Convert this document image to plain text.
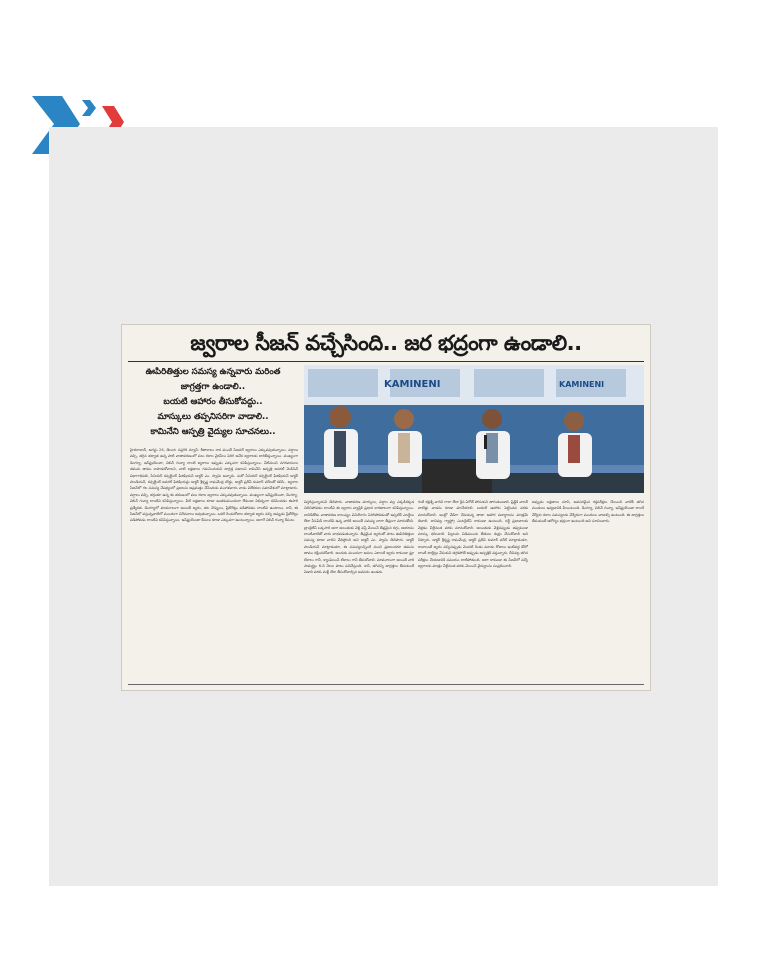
జ్వరాల సీజన్ వచ్చేసింది.. జర భద్రంగా ఉండాలి..
ఊపిరితిత్తుల సమస్య ఉన్నవారు మరింత
జాగ్రత్తగా ఉండాలి..
బయటి ఆహారం తీసుకోవద్దు..
మాస్కులు తప్పనిసరిగా వాడాలి..
కామినేని ఆస్పత్రి వైద్యుల సూచనలు..
KAMINENI	KAMINENI
హైదరాబాద్, ఆగస్టు 26, తెలుగు సప్తగిరి న్యూస్: శీతాకాలం రాక ముందే సీజనల్ జ్వరాలు ఎక్కువవుతున్నాయి. వర్షాలు వచ్చి, తగ్గిన తర్వాత ఉన్న పాటి వాతావరణంలో పలు రకాల వైరస్‌లు పెరిగి అనేక జ్వరాలకు దారితీస్తున్నాయి. ముఖ్యంగా డెంగ్యూ, ఇన్‌ఫ్లుయెంజా, విబిన్ గున్యా లాంటి జ్వరాలు ఇప్పుడు ఎక్కువగా కనిపిస్తున్నాయి. వీటినుంచి నగరవాసులు తమను తాము కాపాడుకోవాలని, వాటి లక్షణాలు గమనించుకుని జాగ్రత్త పడాలని కామినేని ఆస్పత్రి జనరల్ మెడిసిన్ విభాగాధిపతి, సీనియర్ కన్సల్టెంట్ ఫిజిషియన్ డాక్టర్ ఎం. స్వామి అన్నారు. మరో సీనియర్ కన్సల్టెంట్ ఫిజిషియన్ డాక్టర్ పాండియన్, కన్సల్టెంట్ జనరల్ ఫిజిషియన్లు డాక్టర్ శ్రీకృష్ణ రాఘవేంద్ర బొడ్డు, డాక్టర్ ప్రదీప్ కుమార్ వరేలతో కలిసి.. జ్వరాల సీజన్‌లో గల సమస్య నేపథ్యంలో ప్రజలను అప్రమత్తం చేసేందుకు మంగళవారం నాడు విలేకరుల సమావేశంలో మాట్లాడారు. వర్షాలు వచ్చి, తగ్గుతూ ఉన్న ఈ తరుణంలో పలు రకాల జ్వరాలు ఎక్కువవుతున్నాయి. ముఖ్యంగా ఇన్‌ఫ్లుయెంజా, డెంగ్యూ, విబిన్ గున్యా లాంటివి కనిపిస్తున్నాయి. వీటి లక్షణాలు కూడా ఇంతకుముందులా లేకుండా విభిన్నంగా కనిపించడం ఈసారి ప్రత్యేకత. డెంగ్యూలో మామూలుగా అయితే జ్వరం, తల నొప్పులు, ప్లేట్‌లెట్లు పడిపోవడం లాంటివి ఉంటాయి. కానీ, ఈ సీజన్‌లో వస్తున్నవాటిలో ముందుగా విరేచనాలు అవుతున్నాయి. ఒకటి రెండురోజుల తర్వాత జ్వరం వచ్చి అప్పుడు ప్లేట్‌లెట్లు పడిపోవడం లాంటివి కనిపిస్తున్నాయి. ఇన్‌ఫ్లుయెంజా కేసులు కూడా ఎక్కువగా ఉంటున్నాయి. అలాగే విబిన్ గున్యా కేసులు
విస్తరిస్తున్నాయని తెలిపారు. వాతావరణ మార్పులు, వర్షాల వల్ల ఎక్కడికక్కడ నిలిచిపోవడం లాంటివి ఈ జ్వరాల వ్యాప్తికి ప్రధాన కారణాలుగా కనిపిస్తున్నాయి. దానికితోడు వాతావరణ కాలుష్యం వినియోగం పెరిగిపోవడంతో ఇప్పటికే ఎలర్జీలు లేదా సీఓపీడీ లాంటివి ఉన్న వారికి అయితే సమస్య చాలా తీవ్రంగా మారుతోంది. బ్రాంకైటిస్ ఒక్కసారి అలా అయితుకు వెళ్లి వస్తే మెయిన్ తీవ్రమైన దగ్గు, ఆయాసం లాంటివాటితో వారు బాధపడుతున్నారు. తీవ్రమైన జ్వరంతో పాటు ఊపిరితిత్తుల సమస్య కూడా వారిని వేధిస్తోంది అని డాక్టర్ ఎం. స్వామి తెలిపారు. డాక్టర్ పాండియన్ మాట్లాడుతూ, ఈ సమస్యలన్నింటి నుంచి ప్రజలందరూ తమను తాము రక్షించుకోవాలి. అందుకు ముందుగా అసలు ఎలాంటి జ్వరం రాకుండా ఫ్లూ టీకాలు గానీ, క్యాంపెయిన్ టీకాలు గానీ తీసుకోవాలి. మామూలుగా అయితే వారి సామర్థ్యం 6-8 నెలల పాటు పనిచేస్తుంది. కానీ, తగినన్ని జాగ్రత్తలు తీసుకుంటే ఏడాది వరకు మళ్లీ టీకా తీసుకోవాల్సిన అవసరం ఉండదు.
గుటి రక్షణ్ని వారిని గాలా లేదా క్లీన ఏరోబ్ పోసుకుని తాగుతుండాలి. ఫ్రిడ్జ్‌కి వాటర్ బాటిళ్లు వాడను కూడా మానేయాలి. బయటి ఆహారం పెట్టించవ వరకు మానుకోవాలి. ఇంట్లో వేడిగా చేసుకున్న తాజా ఆహార పదార్థాలను మాత్రమే తినాలి. దానివల్ల గ్యాస్ట్రో ఎంటరైటిస్ రాకుండా ఉంటుంది. దర్జీ ప్రభావాలకు వెళ్లడం వీలైనంత వరకు మానుకోవాలి. అయితుకు వెళ్లినప్పుడు తప్పకుండా మాస్కు ధరించాలి. పిల్లలను విడిముంచు జేతులు శుభ్రం చేసుకోవాలి అని చెప్పారు. డాక్టర్ శ్రీకృష్ణ రాఘవేంద్ర, డాక్టర్ ప్రదీప్ కుమార్ వరేల్ మాట్లాడుతూ, రావాలంటే జ్వరం వచ్చినప్పుడు మొదటి రెండు మూడు రోజులు ఇంటివద్ద డోలో లాంటి టాబ్లెట్లు వేసుకుని తగ్గకపోతే అప్పుడు ఆస్పత్రికి వస్తున్నారు. దీనివల్ల తగిన పరీక్షలు చేయడానికి సమయం దాటిపోతుంది. అలా కాకుండా ఈ సీజన్‌లో వచ్చే జ్వరాలకు మాత్రం వీలైనంత వరకు మెయిన్ వైద్యులను సంప్రదించాలి.
అప్పుడు లక్షణాలు చూసి, అవసరమైన రక్తపరీక్షలు చేయించి వాటికి తగిన మందులు ఇవ్వడానికి వీలుంటుంది. డెంగ్యూ, విబిన్ గున్యా, ఇన్‌ఫ్లుయెంజా లాంటి వేర్వేరు రకాల సమస్యలకు వేర్వేరుగా మందులు వాడాల్సి ఉంటుంది. ఈ జాగ్రత్తలు తీసుకుంటే ఆరోగ్యం భద్రంగా ఉంటుంది అని సూచించారు.
